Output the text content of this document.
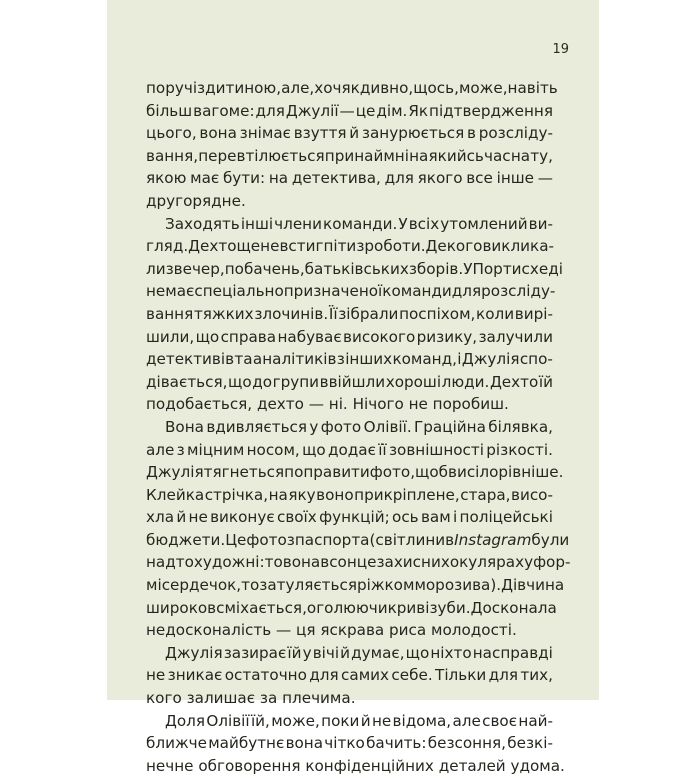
19
поруч із дитиною, але, хоч як дивно, щось, може, навіть
більш вагоме: для Джулії — це дім. Як підтвердження
цього, вона знімає взуття й занурюється в розсліду-
вання, перевтілюється принаймні на якийсь час на ту,
якою має бути: на детектива, для якого все інше —
другорядне.
Заходять інші члени команди. У всіх утомлений ви-
гляд. Дехто ще не встиг піти з роботи. Декого викликa-
ли з вечер, побачень, батьківських зборів. У Портисхеді
немає спеціально призначеної команди для розсліду-
вання тяжких злочинів. Її зібрали поспіхом, коли вирі-
шили, що справа набуває високого ризику, залучили
детективів та аналітиків з інших команд, і Джулія спо-
дівається, що до групи ввійшли хороші люди. Дехто їй
подобається, дехто — ні. Нічого не поробиш.
Вона вдивляється у фото Олівії. Граційна білявка,
але з міцним носом, що додає її зовнішності різкості.
Джулія тягнеться поправити фото, щоб висіло рівніше.
Клейка стрічка, на яку воно прикріплене, стара, висо-
хла й не виконує своїх функцій; ось вам і поліцейські
бюджети. Це фото з паспорта (світлини в Instagram були
надто художні: то вона в сонцезахисних окулярах у фор-
мі сердечок, то затуляється ріжком морозива). Дівчина
широко всміхається, оголюючи криві зуби. Досконала
недосконалість — ця яскрава риса молодості.
Джулія зазирає їй у вічі й думає, що ніхто насправді
не зникає остаточно для самих себе. Тільки для тих,
кого залишає за плечима.
Доля Олівії їй, може, поки й не відома, але своє най-
ближче майбутнє вона чітко бачить: безсоння, безкі-
нечне обговорення конфіденційних деталей удома.
